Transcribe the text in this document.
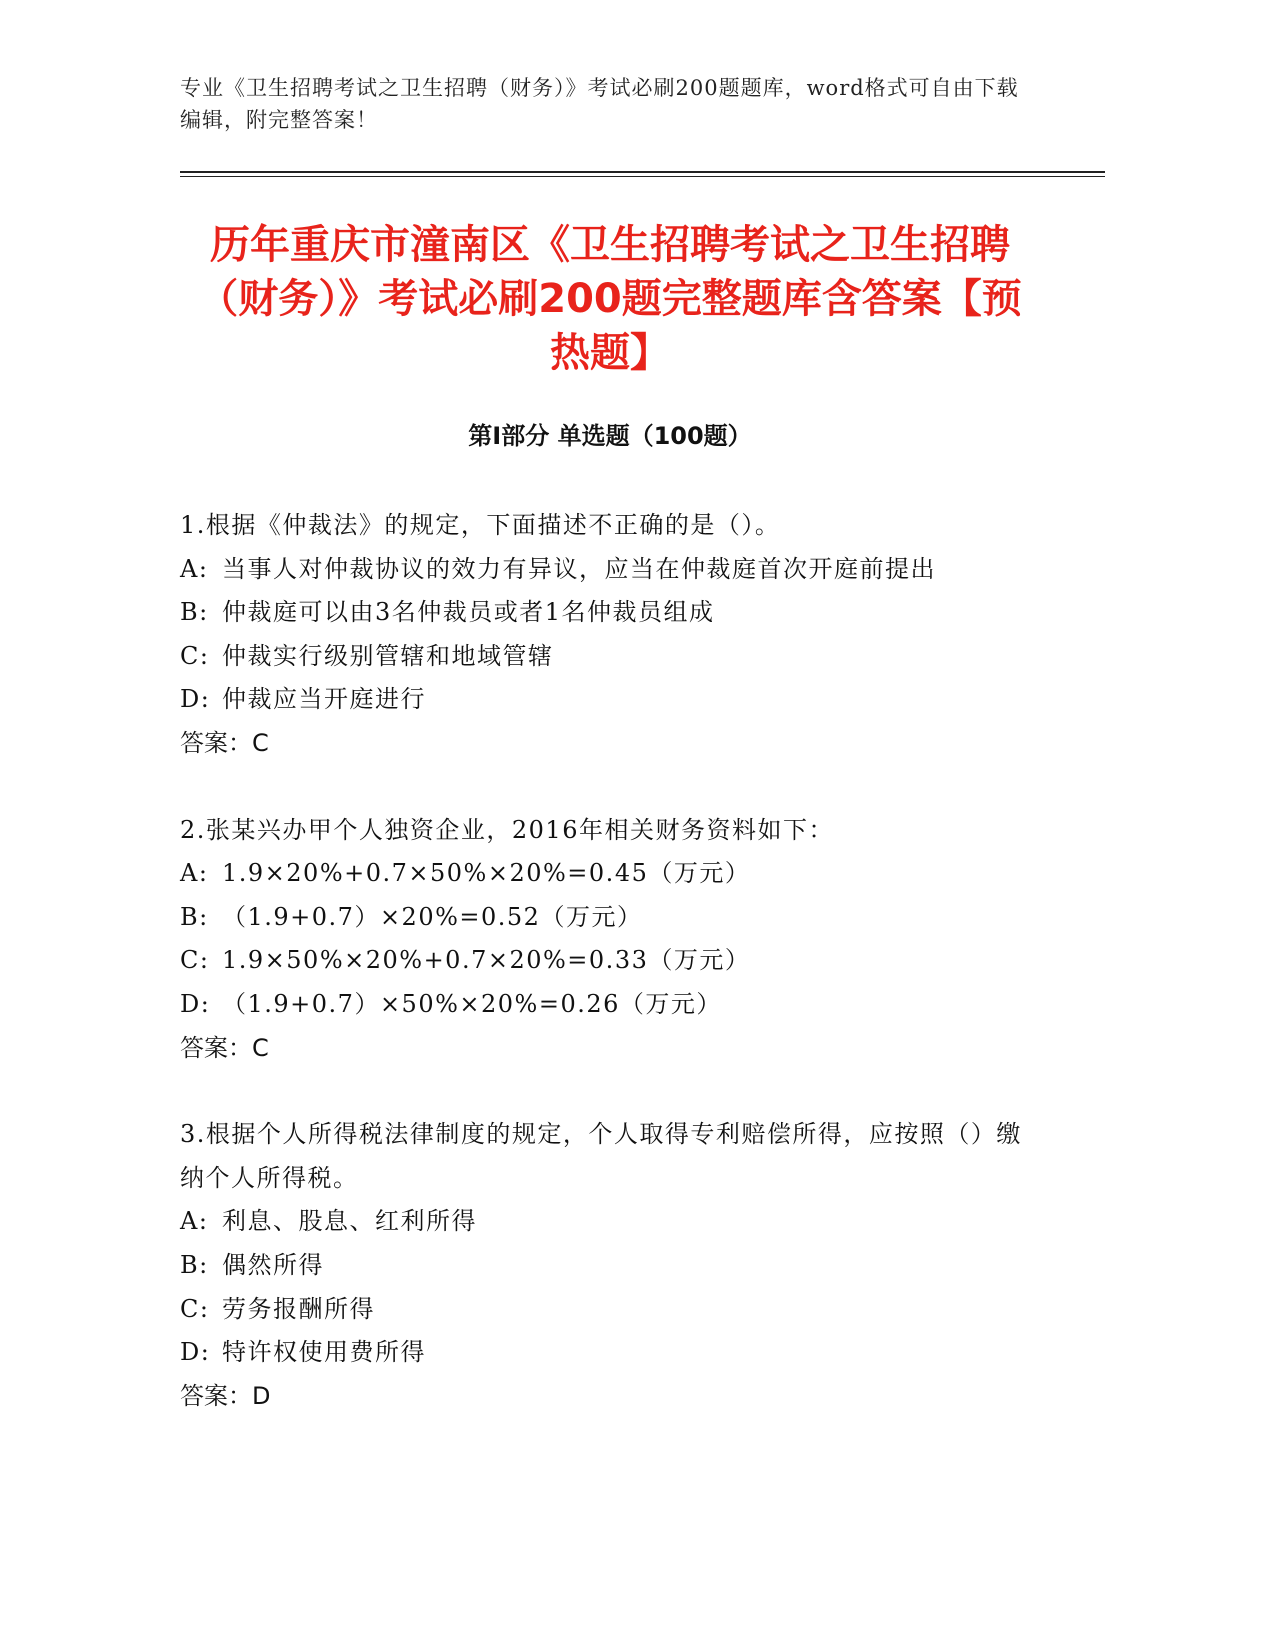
专业《卫生招聘考试之卫生招聘（财务）》考试必刷200题题库，word格式可自由下载编辑，附完整答案！
历年重庆市潼南区《卫生招聘考试之卫生招聘（财务）》考试必刷200题完整题库含答案【预热题】
第Ⅰ部分 单选题（100题）
1.根据《仲裁法》的规定，下面描述不正确的是（）。
A: 当事人对仲裁协议的效力有异议，应当在仲裁庭首次开庭前提出
B: 仲裁庭可以由3名仲裁员或者1名仲裁员组成
C: 仲裁实行级别管辖和地域管辖
D: 仲裁应当开庭进行
答案：C
2.张某兴办甲个人独资企业，2016年相关财务资料如下：
A: 1.9×20%+0.7×50%×20%=0.45（万元）
B: （1.9+0.7）×20%=0.52（万元）
C: 1.9×50%×20%+0.7×20%=0.33（万元）
D: （1.9+0.7）×50%×20%=0.26（万元）
答案：C
3.根据个人所得税法律制度的规定，个人取得专利赔偿所得，应按照（）缴纳个人所得税。
A: 利息、股息、红利所得
B: 偶然所得
C: 劳务报酬所得
D: 特许权使用费所得
答案：D
